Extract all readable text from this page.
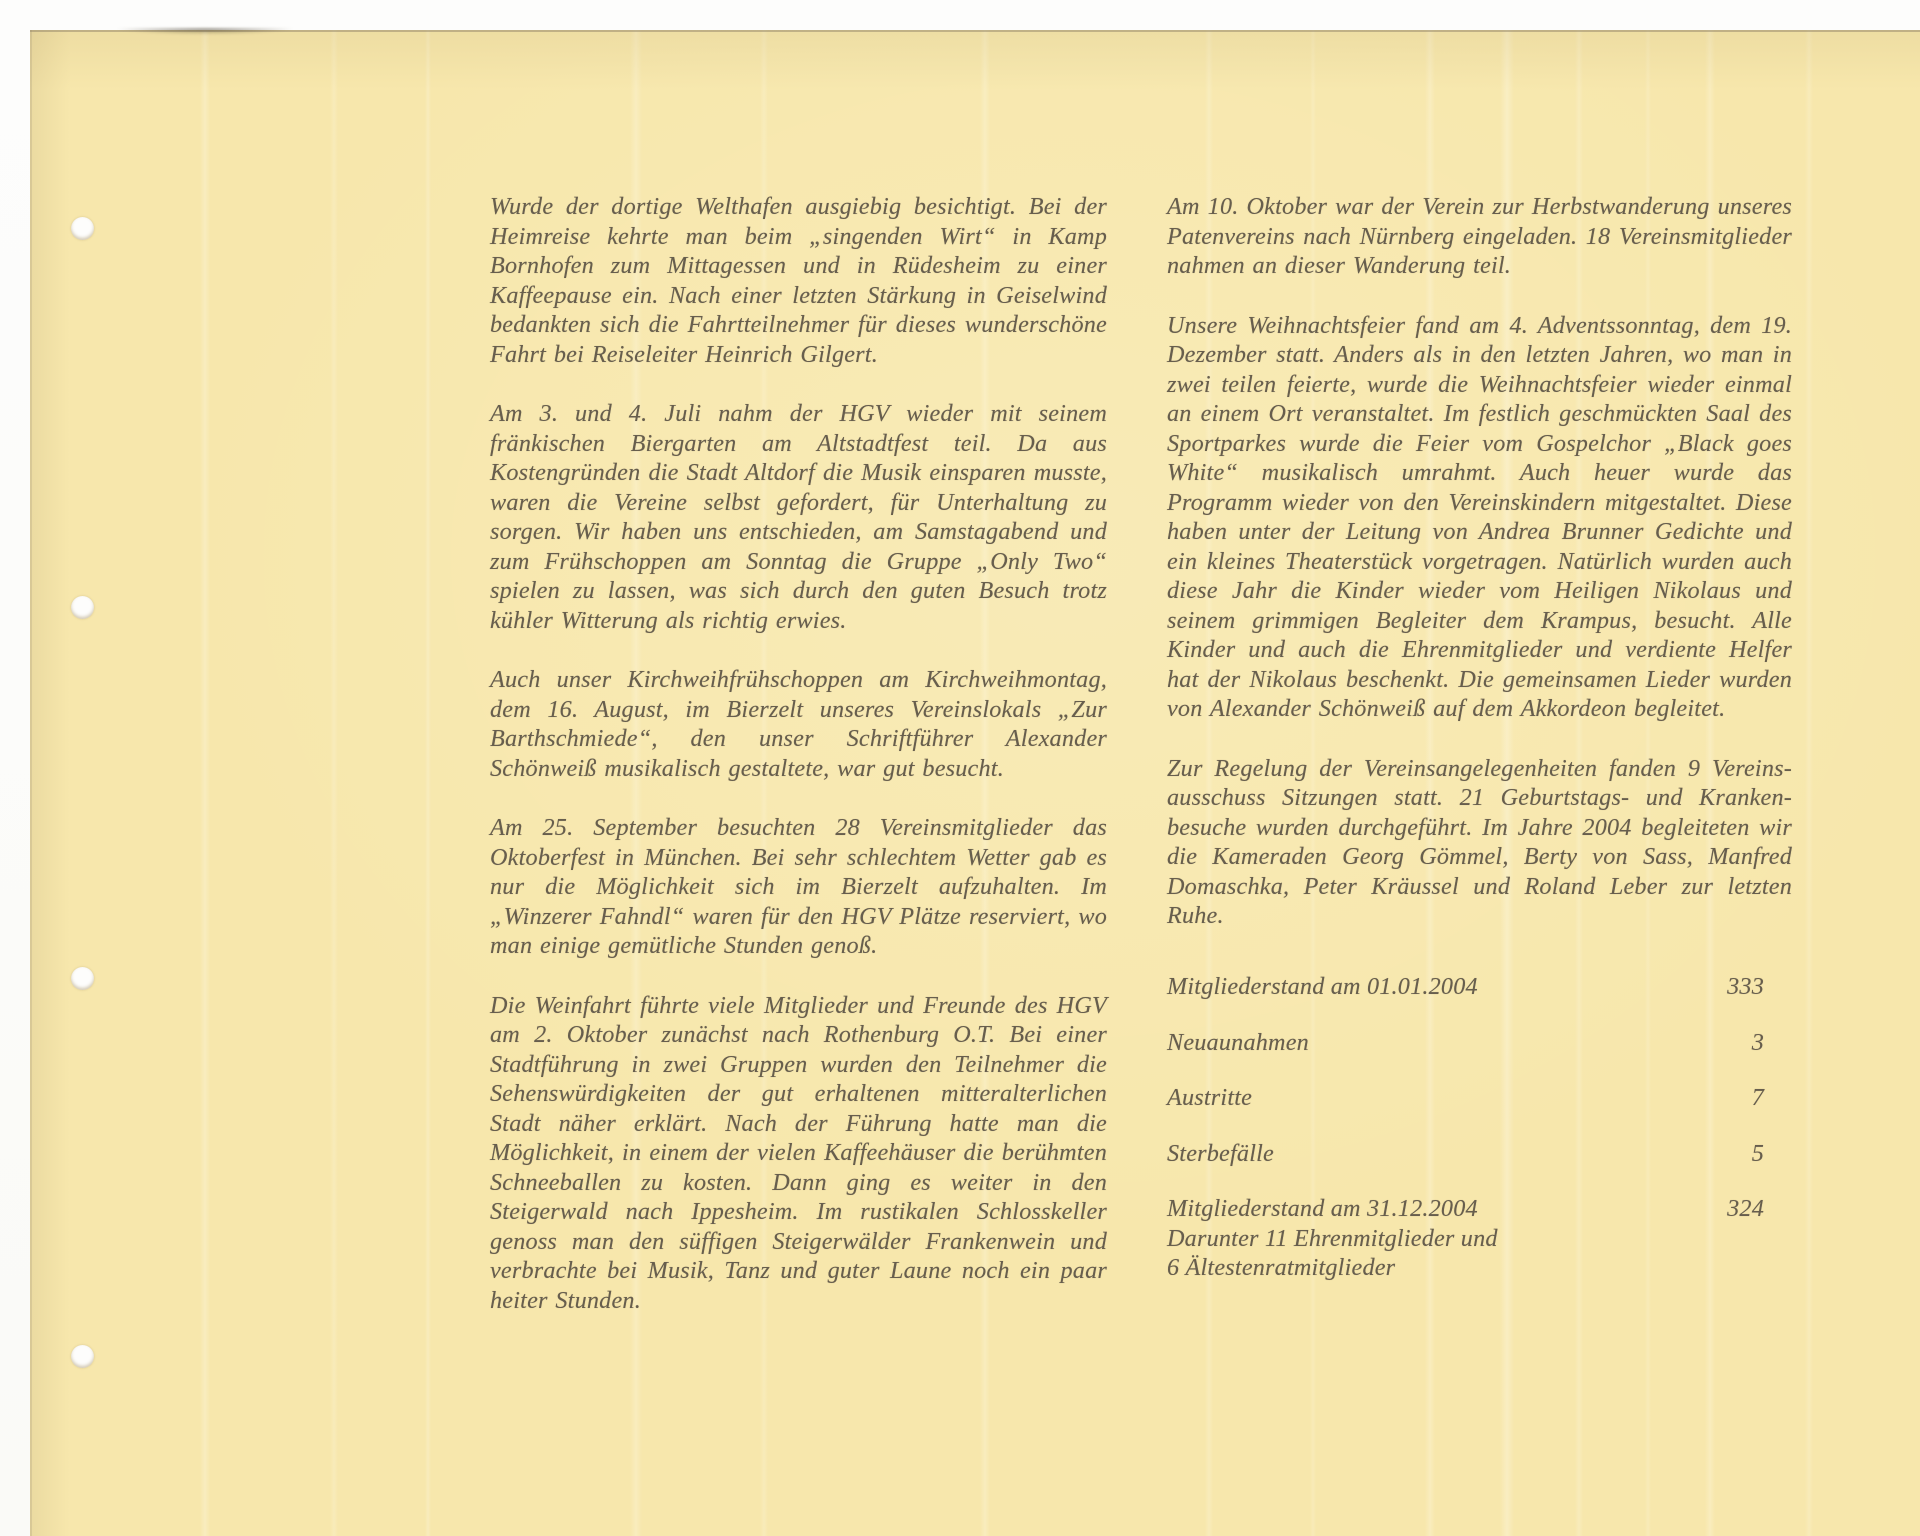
Wurde der dortige Welthafen ausgiebig besichtigt. Bei der Heimreise kehrte man beim „singenden Wirt“ in Kamp Bornhofen zum Mittagessen und in Rüdesheim zu einer Kaffeepause ein. Nach einer letzten Stärkung in Geiselwind bedankten sich die Fahrtteilnehmer für dieses wunderschöne Fahrt bei Reiseleiter Heinrich Gilgert.

Am 3. und 4. Juli nahm der HGV wieder mit seinem fränkischen Biergarten am Altstadtfest teil. Da aus Kostengründen die Stadt Altdorf die Musik einsparen musste, waren die Vereine selbst gefordert, für Unterhaltung zu sorgen. Wir haben uns entschieden, am Samstagabend und zum Frühschoppen am Sonntag die Gruppe „Only Two“ spielen zu lassen, was sich durch den guten Besuch trotz kühler Witterung als richtig erwies.

Auch unser Kirchweihfrühschoppen am Kirchweihmontag, dem 16. August, im Bierzelt unseres Vereinslokals „Zur Barthschmiede“, den unser Schriftführer Alexander Schönweiß musikalisch gestaltete, war gut besucht.

Am 25. September besuchten 28 Vereinsmitglieder das Oktoberfest in München. Bei sehr schlechtem Wetter gab es nur die Möglichkeit sich im Bierzelt aufzuhalten. Im „Winzerer Fahndl“ waren für den HGV Plätze reserviert, wo man einige gemütliche Stunden genoß.

Die Weinfahrt führte viele Mitglieder und Freunde des HGV am 2. Oktober zunächst nach Rothenburg O.T. Bei einer Stadtführung in zwei Gruppen wurden den Teilnehmer die Sehenswürdigkeiten der gut erhaltenen mitteralterlichen Stadt näher erklärt. Nach der Führung hatte man die Möglichkeit, in einem der vielen Kaffeehäuser die berühmten Schneeballen zu kosten. Dann ging es weiter in den Steigerwald nach Ippesheim. Im rustikalen Schlosskeller genoss man den süffigen Steigerwälder Frankenwein und verbrachte bei Musik, Tanz und guter Laune noch ein paar heiter Stunden.

Am 10. Oktober war der Verein zur Herbstwanderung unseres Patenvereins nach Nürnberg eingeladen. 18 Vereinsmitglieder nahmen an dieser Wanderung teil.

Unsere Weihnachtsfeier fand am 4. Adventssonntag, dem 19. Dezember statt. Anders als in den letzten Jahren, wo man in zwei teilen feierte, wurde die Weihnachtsfeier wieder einmal an einem Ort veranstaltet. Im festlich geschmückten Saal des Sportparkes wurde die Feier vom Gospelchor „Black goes White“ musikalisch umrahmt. Auch heuer wurde das Programm wieder von den Vereinskindern mitgestaltet. Diese haben unter der Leitung von Andrea Brunner Gedichte und ein kleines Theaterstück vorgetragen. Natürlich wurden auch diese Jahr die Kinder wieder vom Heiligen Nikolaus und seinem grimmigen Begleiter dem Krampus, besucht. Alle Kinder und auch die Ehrenmitglieder und verdiente Helfer hat der Nikolaus beschenkt. Die gemeinsamen Lieder wurden von Alexander Schönweiß auf dem Akkordeon begleitet.

Zur Regelung der Vereinsangelegenheiten fanden 9 Vereins-ausschuss Sitzungen statt. 21 Geburtstags- und Kranken-besuche wurden durchgeführt. Im Jahre 2004 begleiteten wir die Kameraden Georg Gömmel, Berty von Sass, Manfred Domaschka, Peter Kräussel und Roland Leber zur letzten Ruhe.

Mitgliederstand am 01.01.2004	333
Neuaunahmen	3
Austritte	7
Sterbefälle	5
Mitgliederstand am 31.12.2004	324
Darunter 11 Ehrenmitglieder und
6 Ältestenratmitglieder
